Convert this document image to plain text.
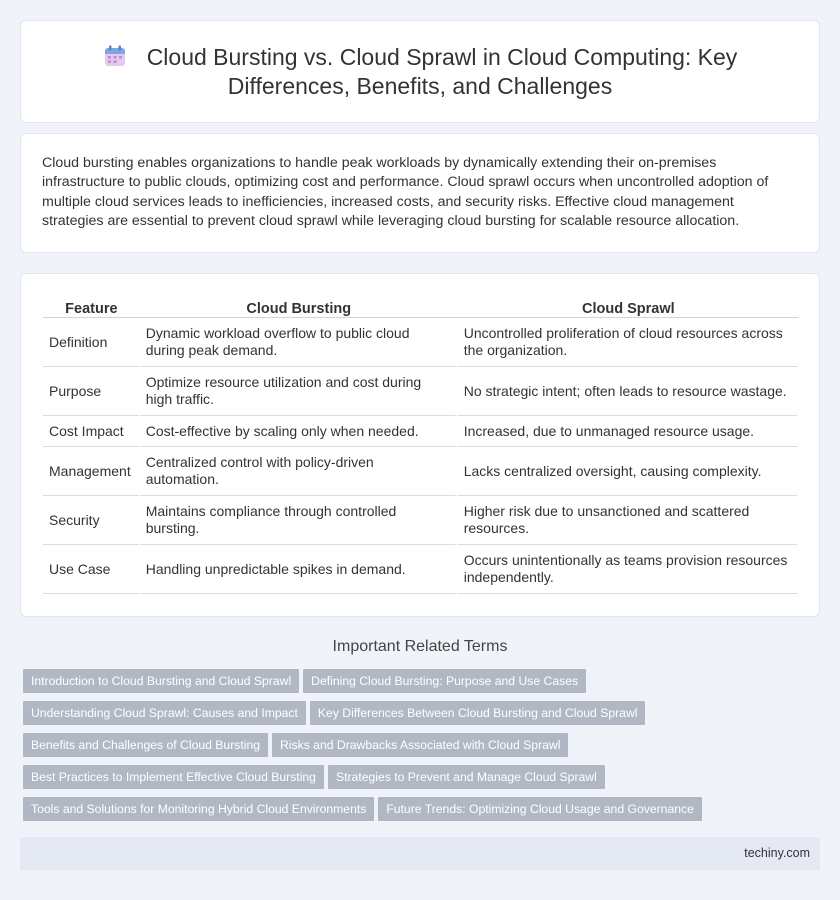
Cloud Bursting vs. Cloud Sprawl in Cloud Computing: Key Differences, Benefits, and Challenges

Cloud bursting enables organizations to handle peak workloads by dynamically extending their on-premises infrastructure to public clouds, optimizing cost and performance. Cloud sprawl occurs when uncontrolled adoption of multiple cloud services leads to inefficiencies, increased costs, and security risks. Effective cloud management strategies are essential to prevent cloud sprawl while leveraging cloud bursting for scalable resource allocation.

Feature	Cloud Bursting	Cloud Sprawl
Definition	Dynamic workload overflow to public cloud during peak demand.	Uncontrolled proliferation of cloud resources across the organization.
Purpose	Optimize resource utilization and cost during high traffic.	No strategic intent; often leads to resource wastage.
Cost Impact	Cost-effective by scaling only when needed.	Increased, due to unmanaged resource usage.
Management	Centralized control with policy-driven automation.	Lacks centralized oversight, causing complexity.
Security	Maintains compliance through controlled bursting.	Higher risk due to unsanctioned and scattered resources.
Use Case	Handling unpredictable spikes in demand.	Occurs unintentionally as teams provision resources independently.
Important Related Terms
Introduction to Cloud Bursting and Cloud Sprawl Defining Cloud Bursting: Purpose and Use Cases
Understanding Cloud Sprawl: Causes and Impact Key Differences Between Cloud Bursting and Cloud Sprawl
Benefits and Challenges of Cloud Bursting Risks and Drawbacks Associated with Cloud Sprawl
Best Practices to Implement Effective Cloud Bursting Strategies to Prevent and Manage Cloud Sprawl
Tools and Solutions for Monitoring Hybrid Cloud Environments Future Trends: Optimizing Cloud Usage and Governance
techiny.com
